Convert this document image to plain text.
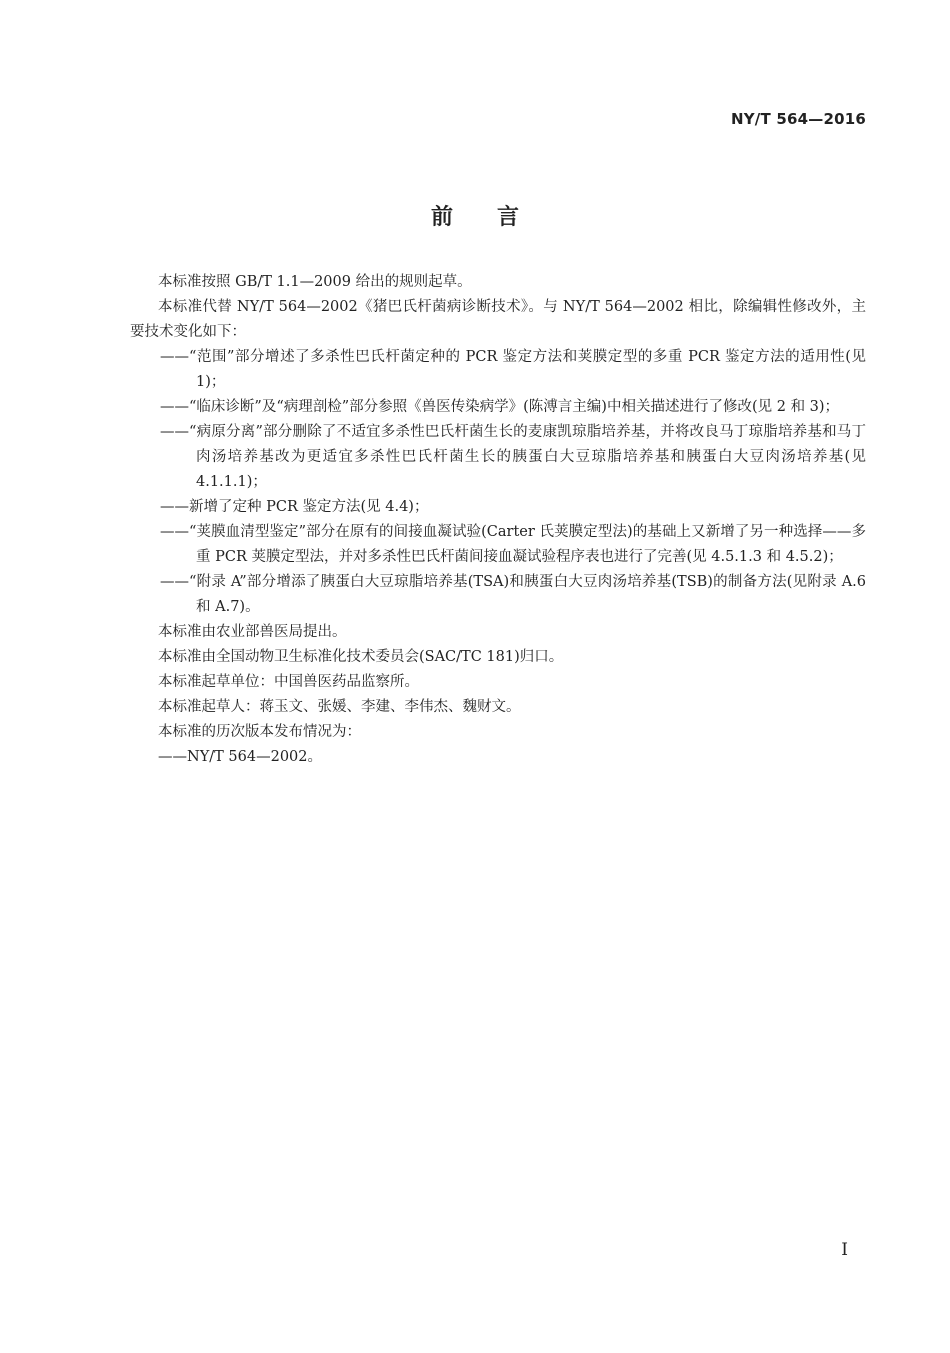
NY/T 564—2016
前言

本标准按照 GB/T 1.1—2009 给出的规则起草。

本标准代替 NY/T 564—2002《猪巴氏杆菌病诊断技术》。与 NY/T 564—2002 相比，除编辑性修改外，主要技术变化如下：

——“范围”部分增述了多杀性巴氏杆菌定种的 PCR 鉴定方法和荚膜定型的多重 PCR 鉴定方法的适用性(见 1)；

——“临床诊断”及“病理剖检”部分参照《兽医传染病学》(陈溥言主编)中相关描述进行了修改(见 2 和 3)；

——“病原分离”部分删除了不适宜多杀性巴氏杆菌生长的麦康凯琼脂培养基，并将改良马丁琼脂培养基和马丁肉汤培养基改为更适宜多杀性巴氏杆菌生长的胰蛋白大豆琼脂培养基和胰蛋白大豆肉汤培养基(见 4.1.1.1)；

——新增了定种 PCR 鉴定方法(见 4.4)；

——“荚膜血清型鉴定”部分在原有的间接血凝试验(Carter 氏荚膜定型法)的基础上又新增了另一种选择——多重 PCR 荚膜定型法，并对多杀性巴氏杆菌间接血凝试验程序表也进行了完善(见 4.5.1.3 和 4.5.2)；

——“附录 A”部分增添了胰蛋白大豆琼脂培养基(TSA)和胰蛋白大豆肉汤培养基(TSB)的制备方法(见附录 A.6 和 A.7)。

本标准由农业部兽医局提出。

本标准由全国动物卫生标准化技术委员会(SAC/TC 181)归口。

本标准起草单位：中国兽医药品监察所。

本标准起草人：蒋玉文、张媛、李建、李伟杰、魏财文。

本标准的历次版本发布情况为：

——NY/T 564—2002。

I
